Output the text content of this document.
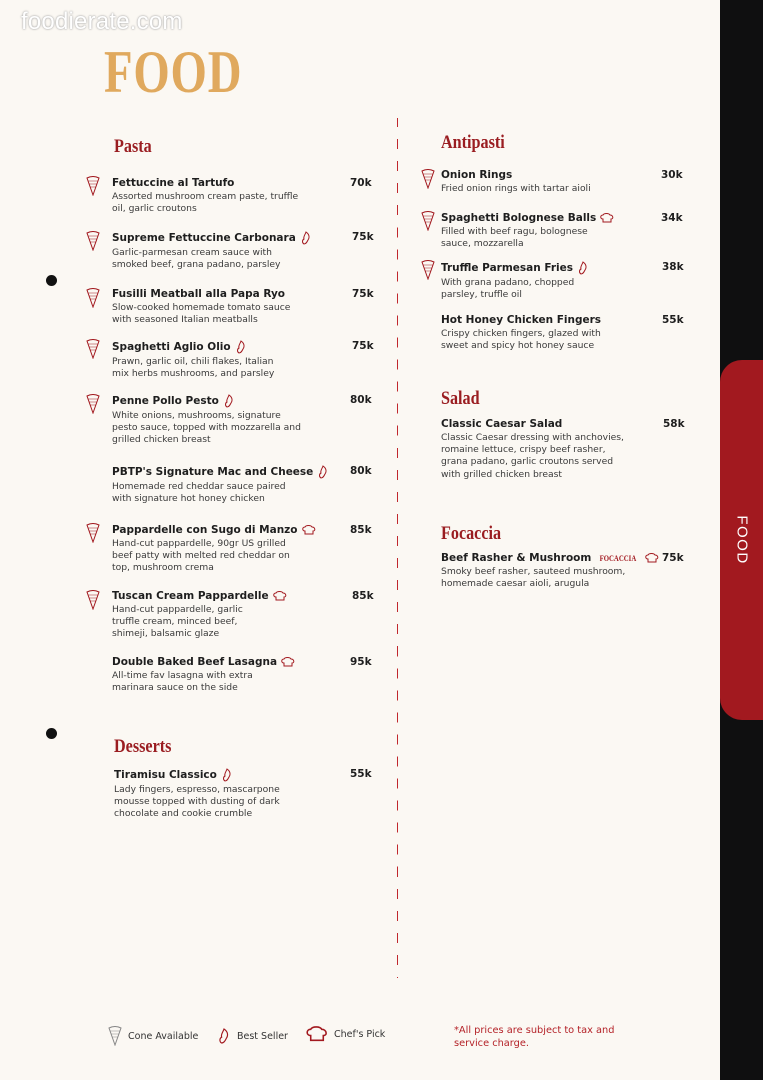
foodierate.com
FOOD
Pasta
Desserts
Antipasti
Salad
Focaccia
Fettuccine al Tartufo
Assorted mushroom cream paste, truffle oil, garlic croutons
70k
Supreme Fettuccine Carbonara
Garlic-parmesan cream sauce with smoked beef, grana padano, parsley
75k
Fusilli Meatball alla Papa Ryo
Slow-cooked homemade tomato sauce with seasoned Italian meatballs
75k
Spaghetti Aglio Olio
Prawn, garlic oil, chili flakes, Italian mix herbs mushrooms, and parsley
75k
Penne Pollo Pesto
White onions, mushrooms, signature pesto sauce, topped with mozzarella and grilled chicken breast
80k
PBTP's Signature Mac and Cheese
Homemade red cheddar sauce paired with signature hot honey chicken
80k
Pappardelle con Sugo di Manzo
Hand-cut pappardelle, 90gr US grilled beef patty with melted red cheddar on top, mushroom crema
85k
Tuscan Cream Pappardelle
Hand-cut pappardelle, garlic truffle cream, minced beef, shimeji, balsamic glaze
85k
Double Baked Beef Lasagna
All-time fav lasagna with extra marinara sauce on the side
95k
Tiramisu Classico
Lady fingers, espresso, mascarpone mousse topped with dusting of dark chocolate and cookie crumble
55k
Onion Rings
Fried onion rings with tartar aioli
30k
Spaghetti Bolognese Balls
Filled with beef ragu, bolognese sauce, mozzarella
34k
Truffle Parmesan Fries
With grana padano, chopped parsley, truffle oil
38k
Hot Honey Chicken Fingers
Crispy chicken fingers, glazed with sweet and spicy hot honey sauce
55k
Classic Caesar Salad
Classic Caesar dressing with anchovies, romaine lettuce, crispy beef rasher, grana padano, garlic croutons served with grilled chicken breast
58k
Beef Rasher & Mushroom FOCACCIA
Smoky beef rasher, sauteed mushroom, homemade caesar aioli, arugula
75k
Cone Available	Best Seller	Chef's Pick	*All prices are subject to tax and service charge.
FOOD
